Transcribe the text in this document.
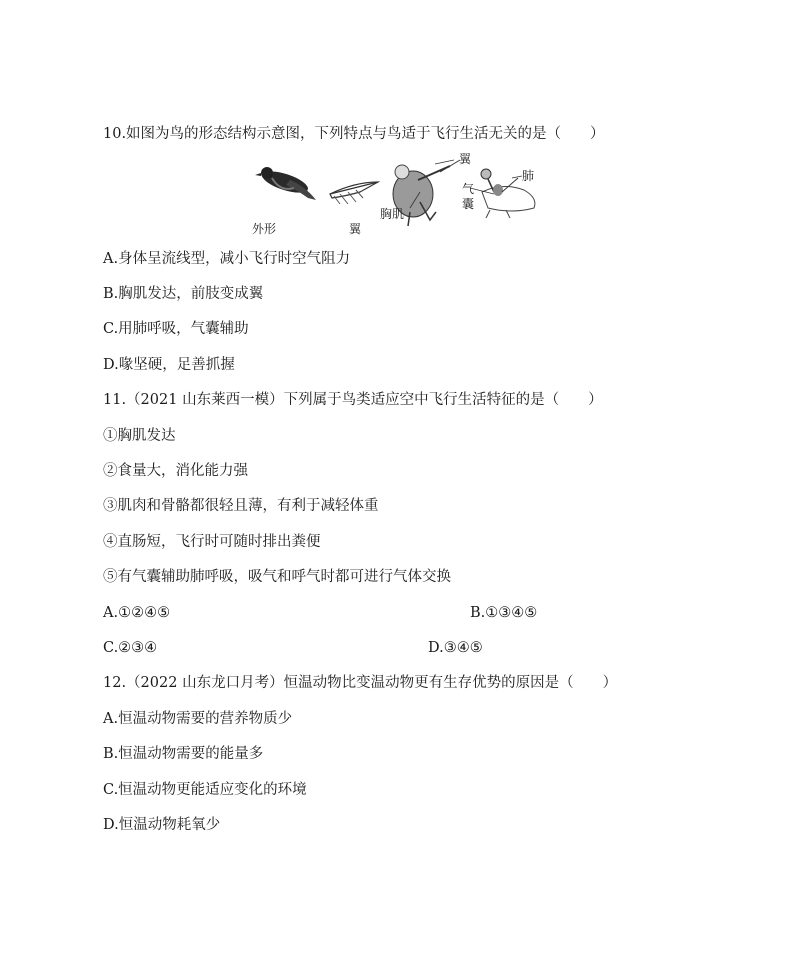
10.如图为鸟的形态结构示意图，下列特点与鸟适于飞行生活无关的是（　　）
外形	翼
翼
胸肌
气
囊
肺
A.身体呈流线型，减小飞行时空气阻力
B.胸肌发达，前肢变成翼
C.用肺呼吸，气囊辅助
D.喙坚硬，足善抓握
11.（2021 山东莱西一模）下列属于鸟类适应空中飞行生活特征的是（　　）
①胸肌发达
②食量大，消化能力强
③肌肉和骨骼都很轻且薄，有利于减轻体重
④直肠短，飞行时可随时排出粪便
⑤有气囊辅助肺呼吸，吸气和呼气时都可进行气体交换
A.①②④⑤	B.①③④⑤
C.②③④	D.③④⑤
12.（2022 山东龙口月考）恒温动物比变温动物更有生存优势的原因是（　　）
A.恒温动物需要的营养物质少
B.恒温动物需要的能量多
C.恒温动物更能适应变化的环境
D.恒温动物耗氧少
